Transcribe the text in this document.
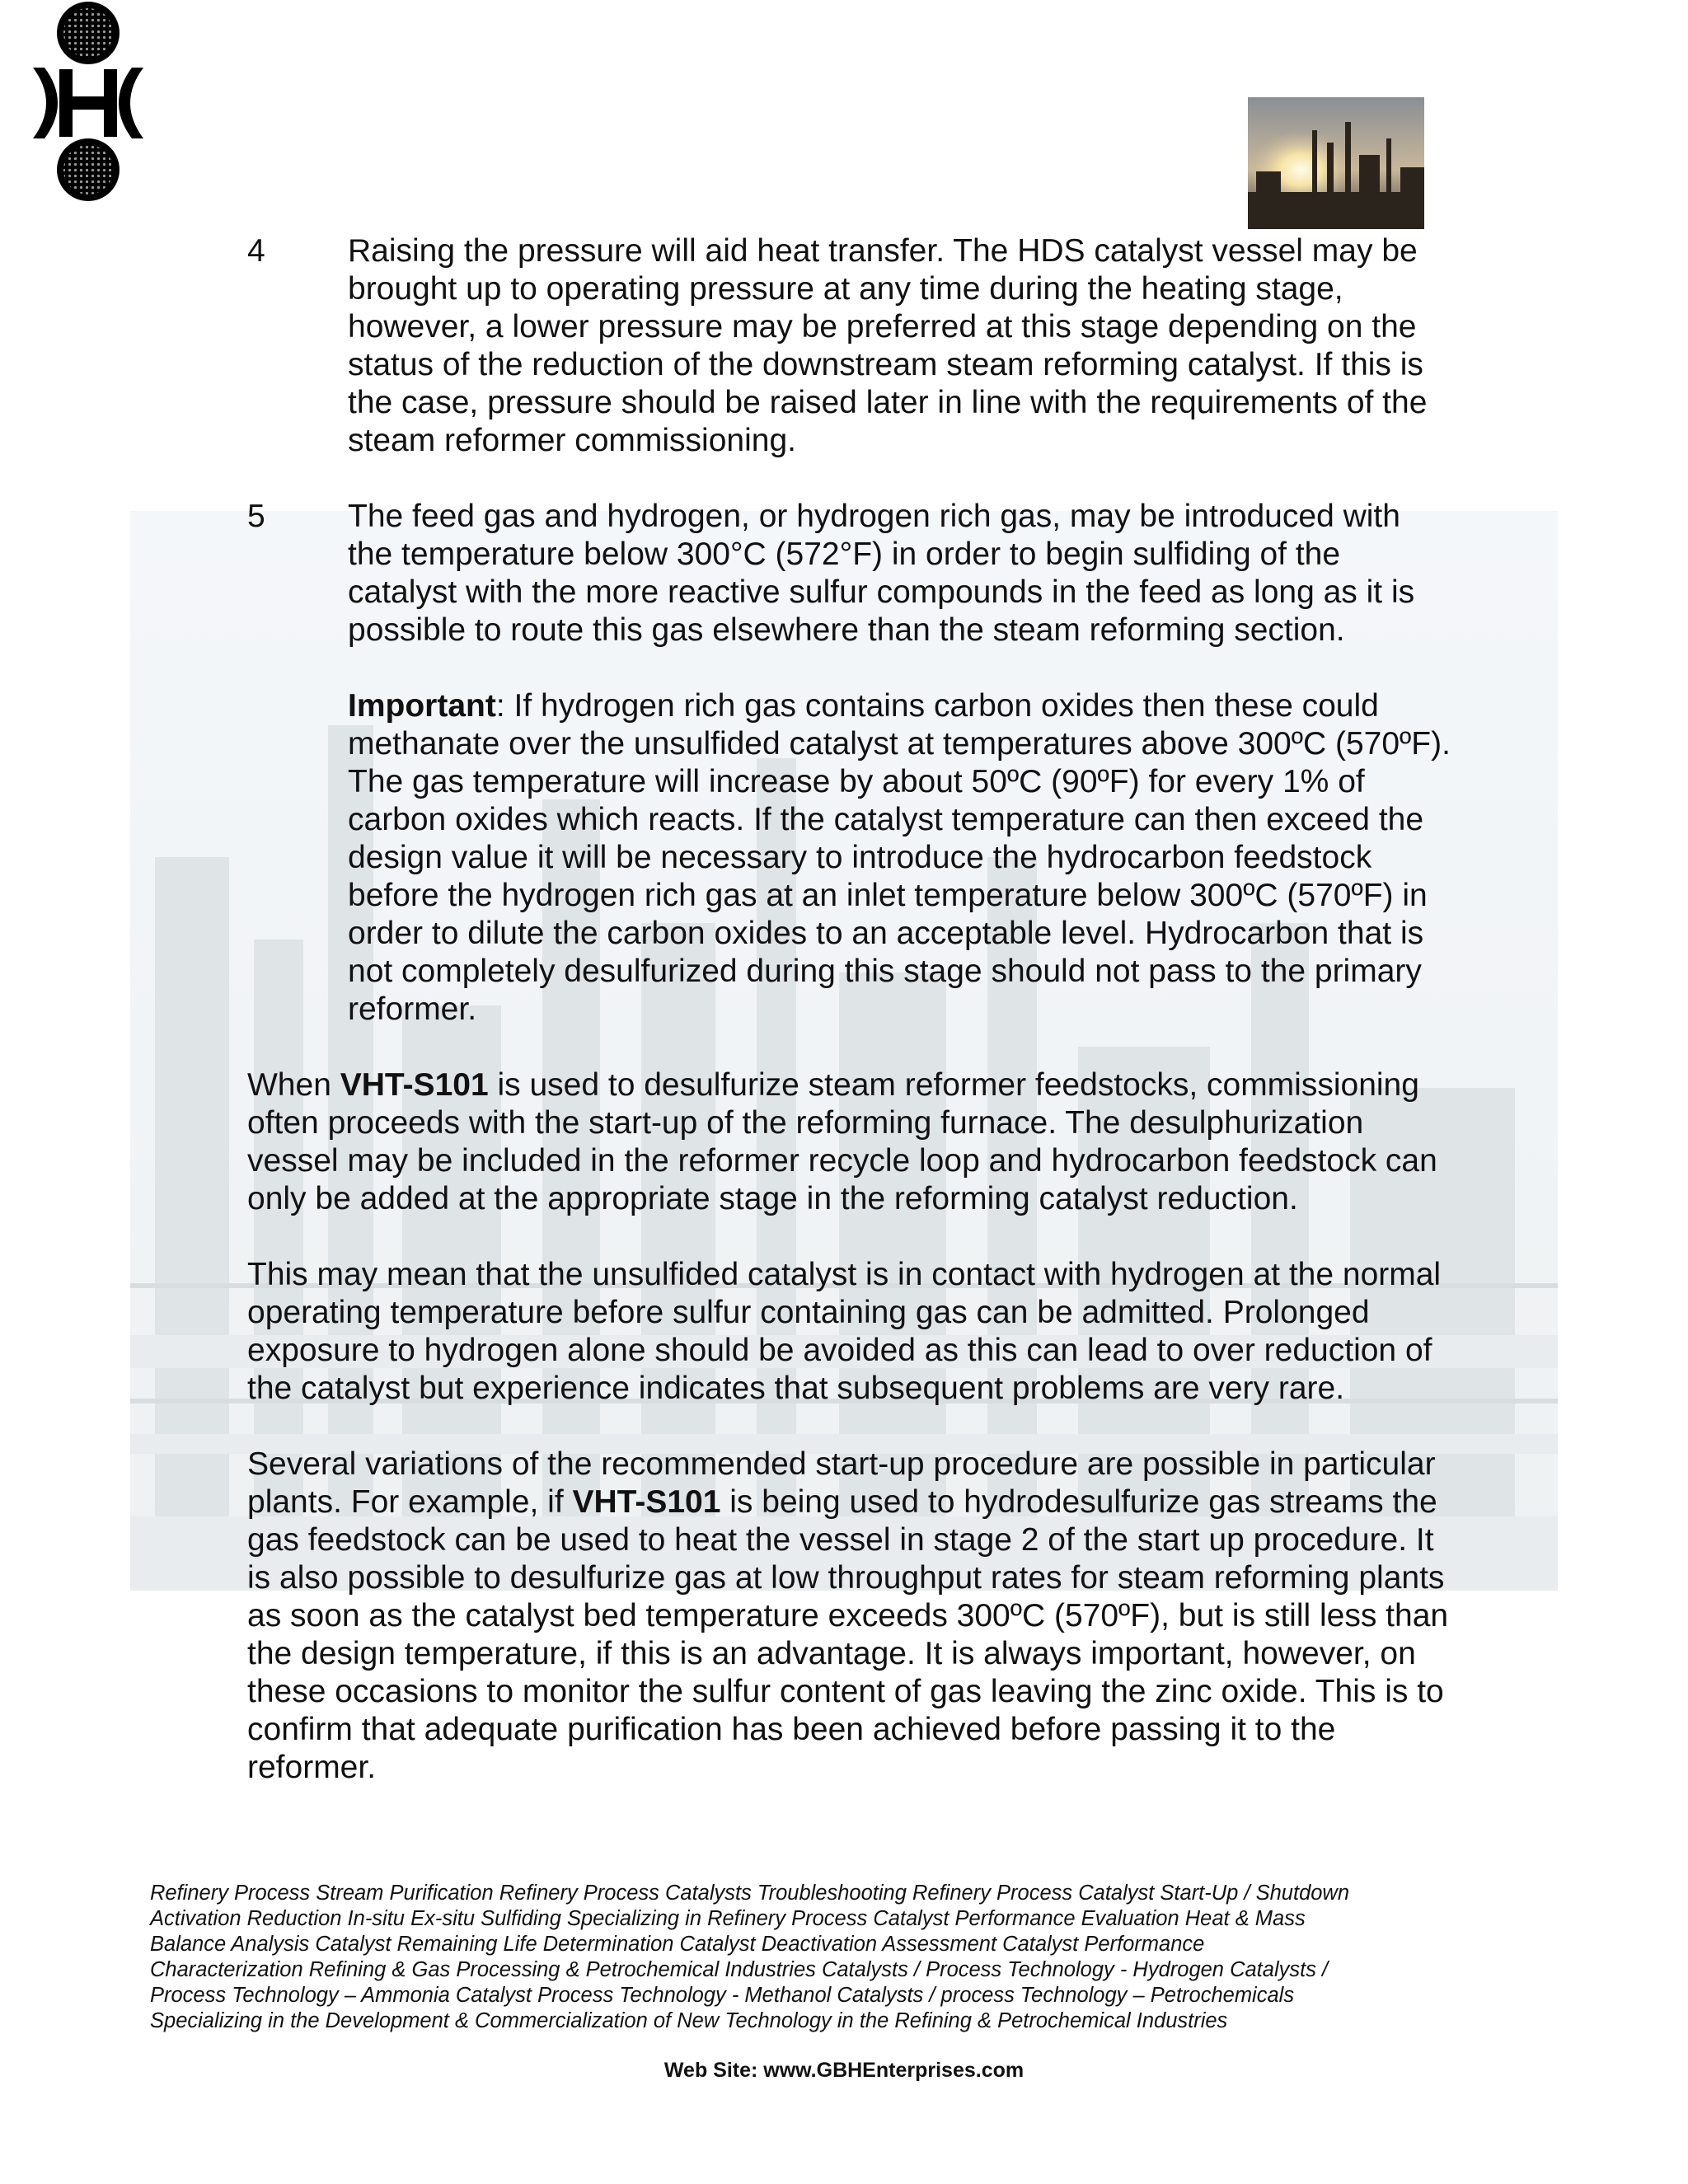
4	Raising the pressure will aid heat transfer. The HDS catalyst vessel may be brought up to operating pressure at any time during the heating stage, however, a lower pressure may be preferred at this stage depending on the status of the reduction of the downstream steam reforming catalyst. If this is the case, pressure should be raised later in line with the requirements of the steam reformer commissioning.
5	The feed gas and hydrogen, or hydrogen rich gas, may be introduced with the temperature below 300°C (572°F) in order to begin sulfiding of the catalyst with the more reactive sulfur compounds in the feed as long as it is possible to route this gas elsewhere than the steam reforming section.

Important: If hydrogen rich gas contains carbon oxides then these could methanate over the unsulfided catalyst at temperatures above 300ºC (570ºF). The gas temperature will increase by about 50ºC (90ºF) for every 1% of carbon oxides which reacts. If the catalyst temperature can then exceed the design value it will be necessary to introduce the hydrocarbon feedstock before the hydrogen rich gas at an inlet temperature below 300ºC (570ºF) in order to dilute the carbon oxides to an acceptable level. Hydrocarbon that is not completely desulfurized during this stage should not pass to the primary reformer.

When VHT-S101 is used to desulfurize steam reformer feedstocks, commissioning often proceeds with the start-up of the reforming furnace. The desulphurization vessel may be included in the reformer recycle loop and hydrocarbon feedstock can only be added at the appropriate stage in the reforming catalyst reduction.

This may mean that the unsulfided catalyst is in contact with hydrogen at the normal operating temperature before sulfur containing gas can be admitted. Prolonged exposure to hydrogen alone should be avoided as this can lead to over reduction of the catalyst but experience indicates that subsequent problems are very rare.

Several variations of the recommended start-up procedure are possible in particular plants. For example, if VHT-S101 is being used to hydrodesulfurize gas streams the gas feedstock can be used to heat the vessel in stage 2 of the start up procedure. It is also possible to desulfurize gas at low throughput rates for steam reforming plants as soon as the catalyst bed temperature exceeds 300ºC (570ºF), but is still less than the design temperature, if this is an advantage. It is always important, however, on these occasions to monitor the sulfur content of gas leaving the zinc oxide. This is to confirm that adequate purification has been achieved before passing it to the reformer.

Refinery Process Stream Purification Refinery Process Catalysts Troubleshooting Refinery Process Catalyst Start-Up / Shutdown
Activation Reduction In-situ Ex-situ Sulfiding Specializing in Refinery Process Catalyst Performance Evaluation Heat & Mass
Balance Analysis Catalyst Remaining Life Determination Catalyst Deactivation Assessment Catalyst Performance
Characterization Refining & Gas Processing & Petrochemical Industries Catalysts / Process Technology - Hydrogen Catalysts /
Process Technology – Ammonia Catalyst Process Technology - Methanol Catalysts / process Technology – Petrochemicals
Specializing in the Development & Commercialization of New Technology in the Refining & Petrochemical Industries
Web Site: www.GBHEnterprises.com
